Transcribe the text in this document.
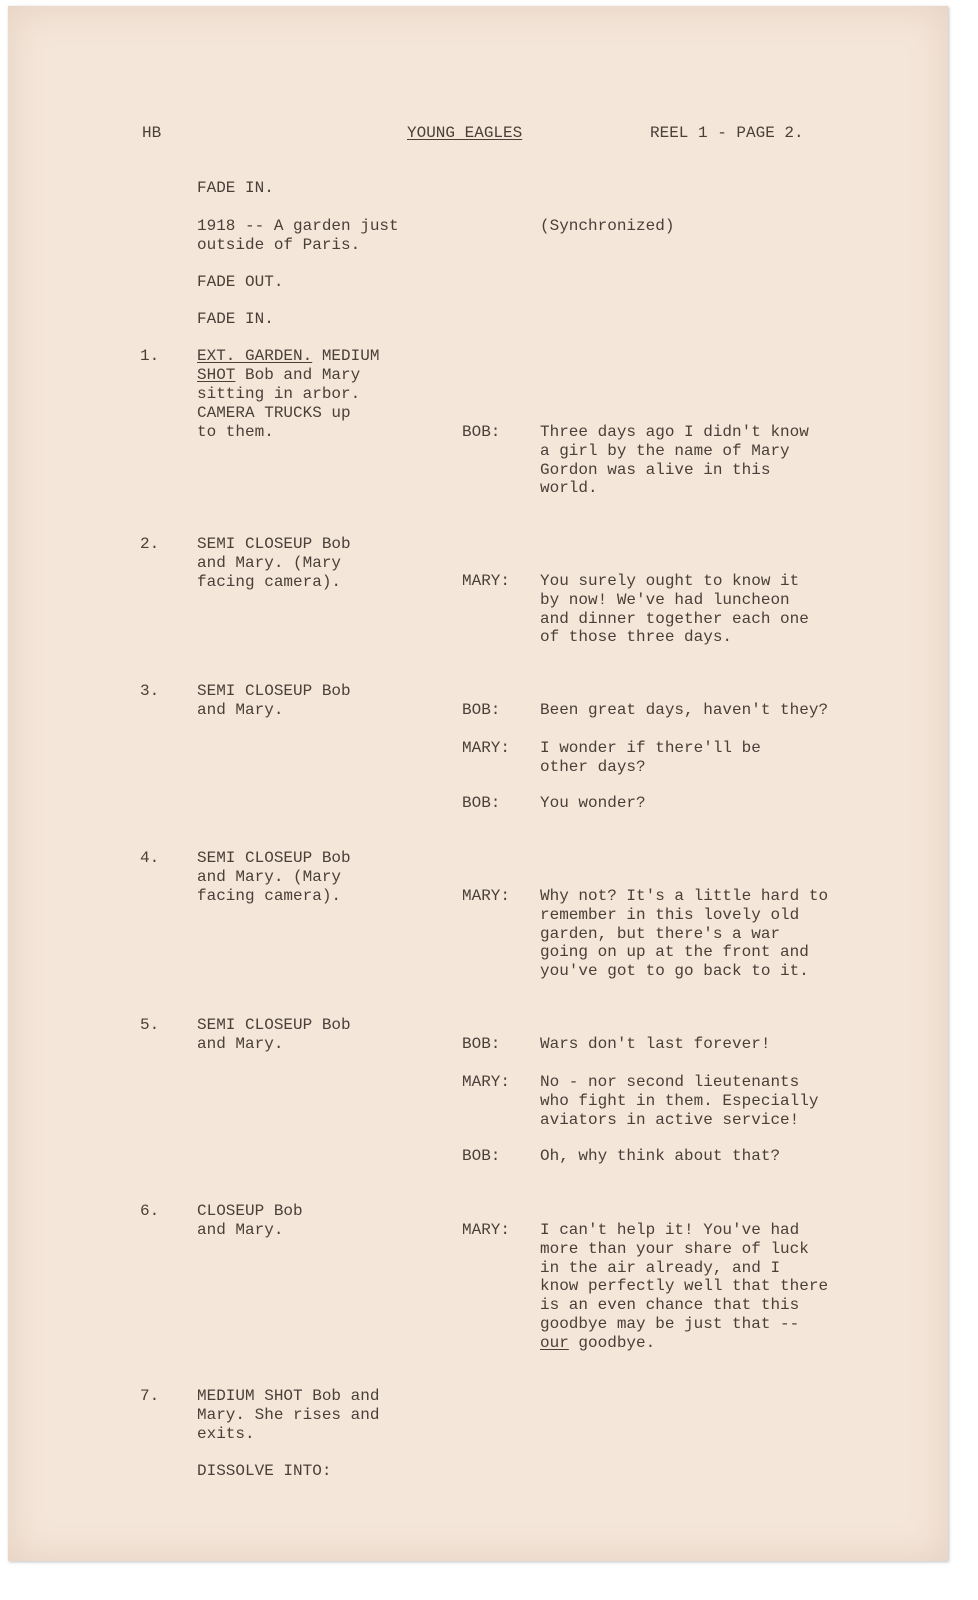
HB	YOUNG EAGLES	REEL 1 - PAGE 2.
FADE IN.
1918 -- A garden just
outside of Paris.
(Synchronized)
FADE OUT.
FADE IN.
1. EXT. GARDEN. MEDIUM
SHOT Bob and Mary
sitting in arbor.
CAMERA TRUCKS up
to them.	BOB: Three days ago I didn't know
a girl by the name of Mary
Gordon was alive in this
world.
2. SEMI CLOSEUP Bob
and Mary. (Mary
facing camera).	MARY: You surely ought to know it
by now! We've had luncheon
and dinner together each one
of those three days.
3. SEMI CLOSEUP Bob
and Mary.	BOB: Been great days, haven't they?
MARY: I wonder if there'll be
other days?
BOB: You wonder?
4. SEMI CLOSEUP Bob
and Mary. (Mary
facing camera).	MARY: Why not? It's a little hard to
remember in this lovely old
garden, but there's a war
going on up at the front and
you've got to go back to it.
5. SEMI CLOSEUP Bob
and Mary.	BOB: Wars don't last forever!
MARY: No - nor second lieutenants
who fight in them. Especially
aviators in active service!
BOB: Oh, why think about that?
6. CLOSEUP Bob
and Mary.	MARY: I can't help it! You've had
more than your share of luck
in the air already, and I
know perfectly well that there
is an even chance that this
goodbye may be just that --
our goodbye.
7. MEDIUM SHOT Bob and
Mary. She rises and
exits.
DISSOLVE INTO:
